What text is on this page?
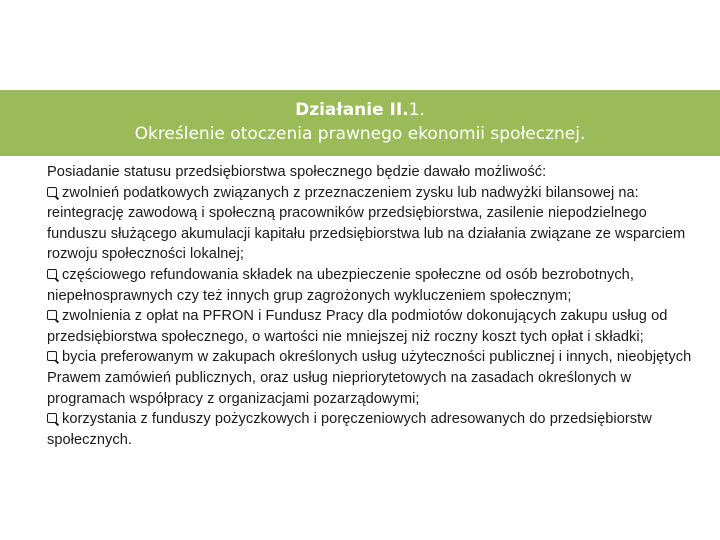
Działanie II.1.
Określenie otoczenia prawnego ekonomii społecznej.

Posiadanie statusu przedsiębiorstwa społecznego będzie dawało możliwość:

zwolnień podatkowych związanych z przeznaczeniem zysku lub nadwyżki bilansowej na: reintegrację zawodową i społeczną pracowników przedsiębiorstwa, zasilenie niepodzielnego funduszu służącego akumulacji kapitału przedsiębiorstwa lub na działania związane ze wsparciem rozwoju społeczności lokalnej;

częściowego refundowania składek na ubezpieczenie społeczne od osób bezrobotnych, niepełnosprawnych czy też innych grup zagrożonych wykluczeniem społecznym;

zwolnienia z opłat na PFRON i Fundusz Pracy dla podmiotów dokonujących zakupu usług od przedsiębiorstwa społecznego, o wartości nie mniejszej niż roczny koszt tych opłat i składki;

bycia preferowanym w zakupach określonych usług użyteczności publicznej i innych, nieobjętych Prawem zamówień publicznych, oraz usług niepriorytetowych na zasadach określonych w programach współpracy z organizacjami pozarządowymi;

korzystania z funduszy pożyczkowych i poręczeniowych adresowanych do przedsiębiorstw społecznych.
